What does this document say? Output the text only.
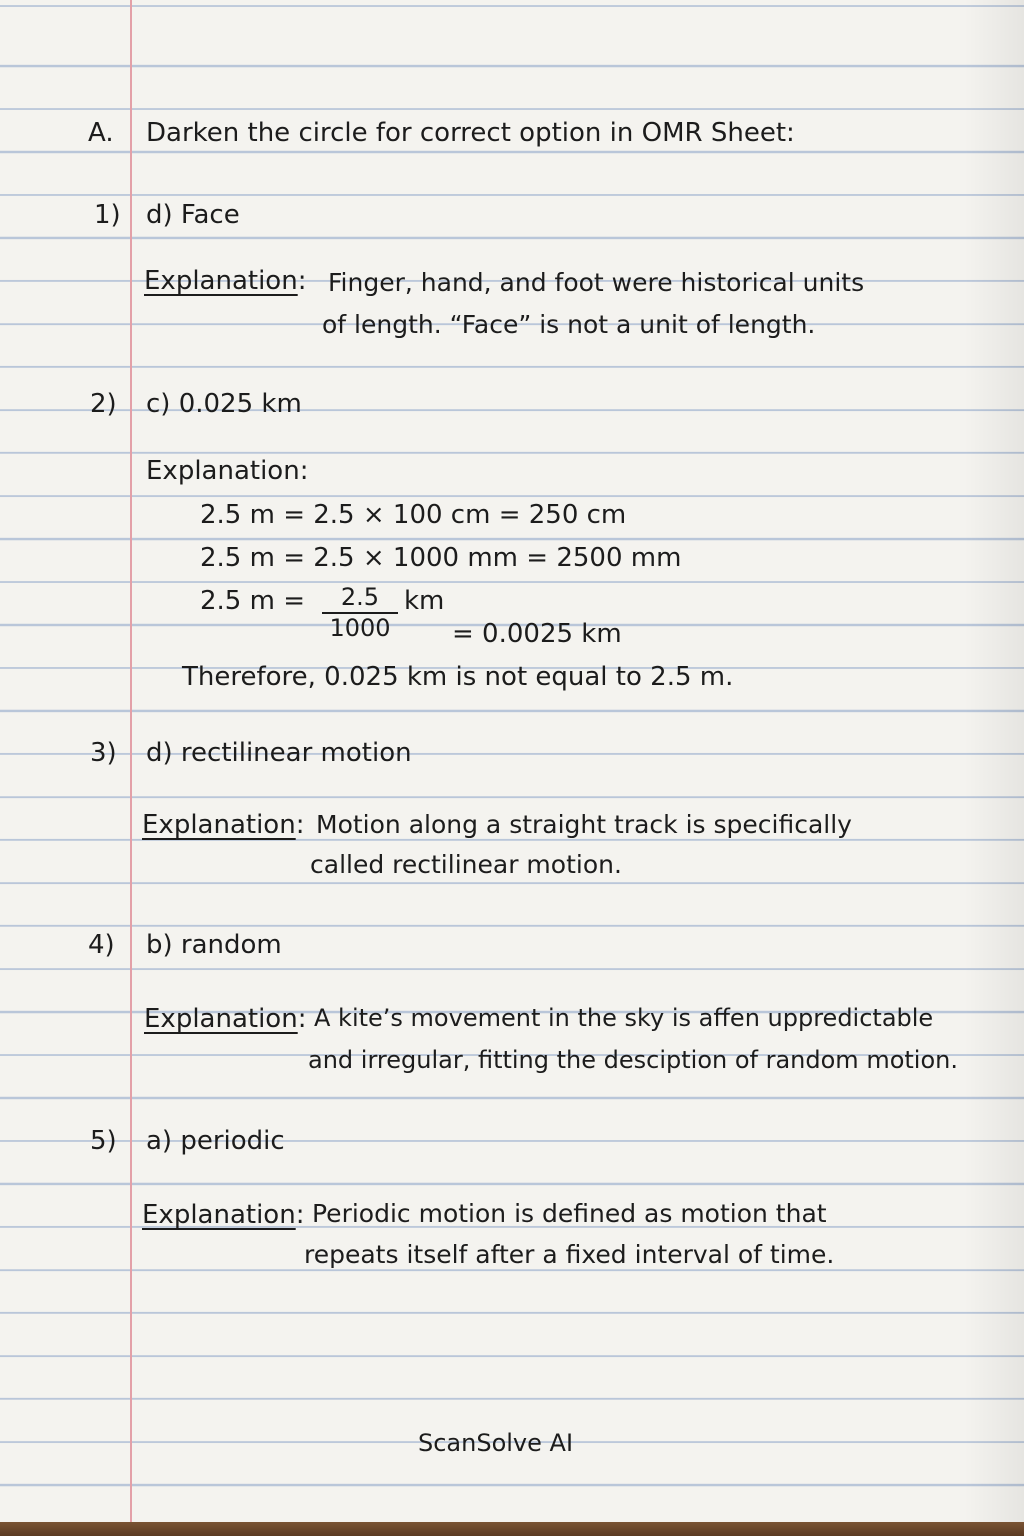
A. Darken the circle for correct option in OMR Sheet:
1) d) Face
Explanation: Finger, hand, and foot were historical units
of length. “Face” is not a unit of length.
2) c) 0.025 km
Explanation:
2.5 m = 2.5 × 100 cm = 250 cm
2.5 m = 2.5 × 1000 mm = 2500 mm
2.5 m =	2.5
1000
km
= 0.0025 km
Therefore, 0.025 km is not equal to 2.5 m.
3) d) rectilinear motion
Explanation: Motion along a straight track is specifically
called rectilinear motion.
4) b) random
Explanation: A kite’s movement in the sky is affen uppredictable
and irregular, fitting the desciption of random motion.
5) a) periodic
Explanation: Periodic motion is defined as motion that
repeats itself after a fixed interval of time.
ScanSolve AI
